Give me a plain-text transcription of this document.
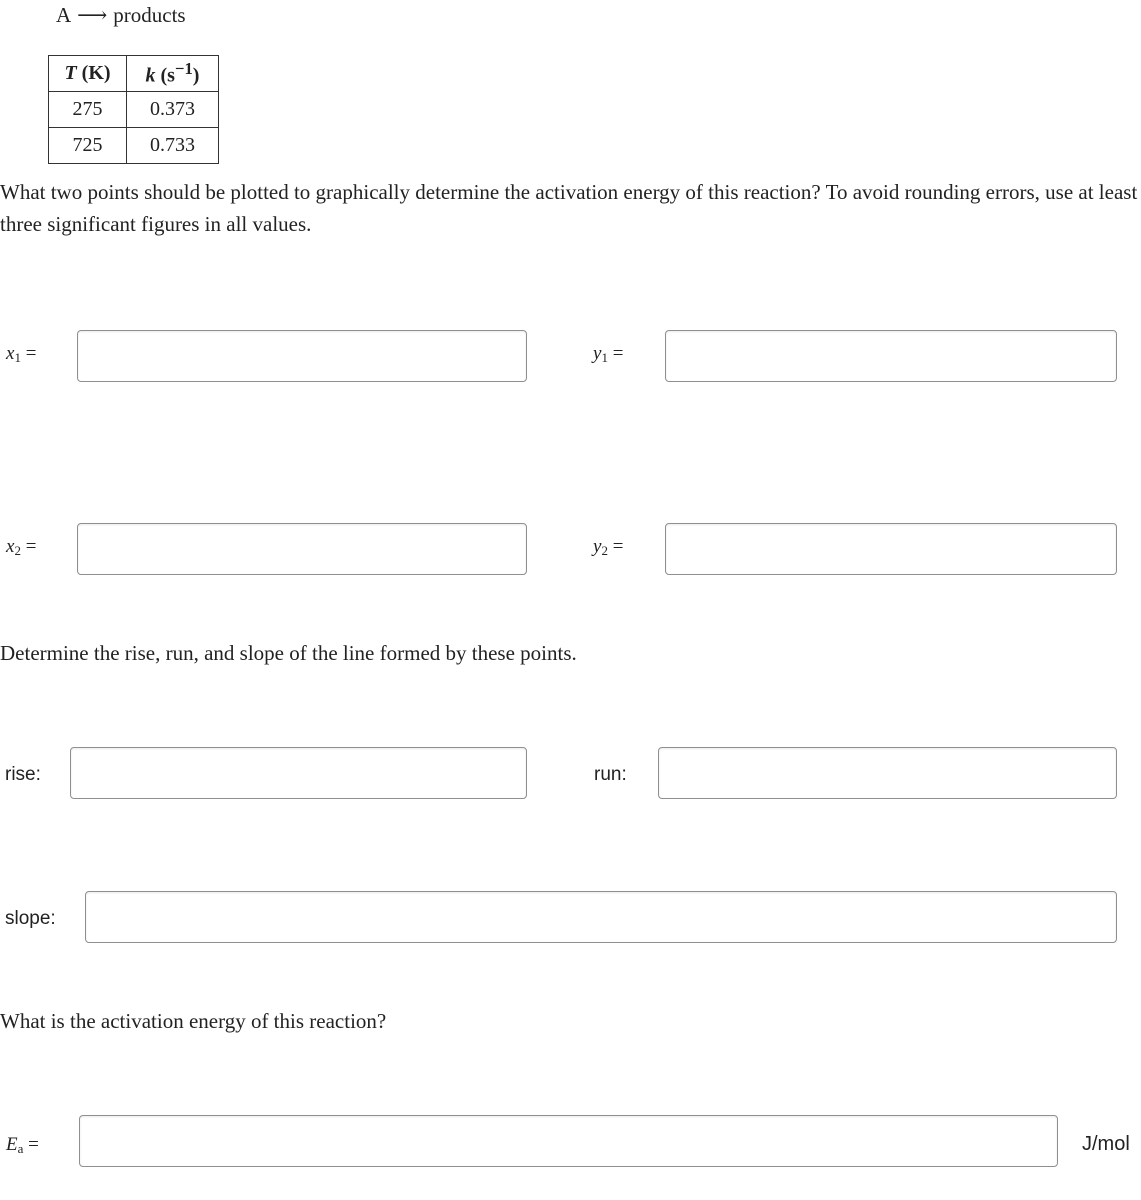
A ⟶ products
T (K)	k $(s^{-1})$
275	0.373
725	0.733
What two points should be plotted to graphically determine the activation energy of this reaction? To avoid rounding errors, use at least three significant figures in all values.
$x_1$ =	$y_1$ =
$x_2$ =	$y_2$ =
Determine the rise, run, and slope of the line formed by these points.
rise:	run:
slope:
What is the activation energy of this reaction?
$E_a$ =	J/mol
